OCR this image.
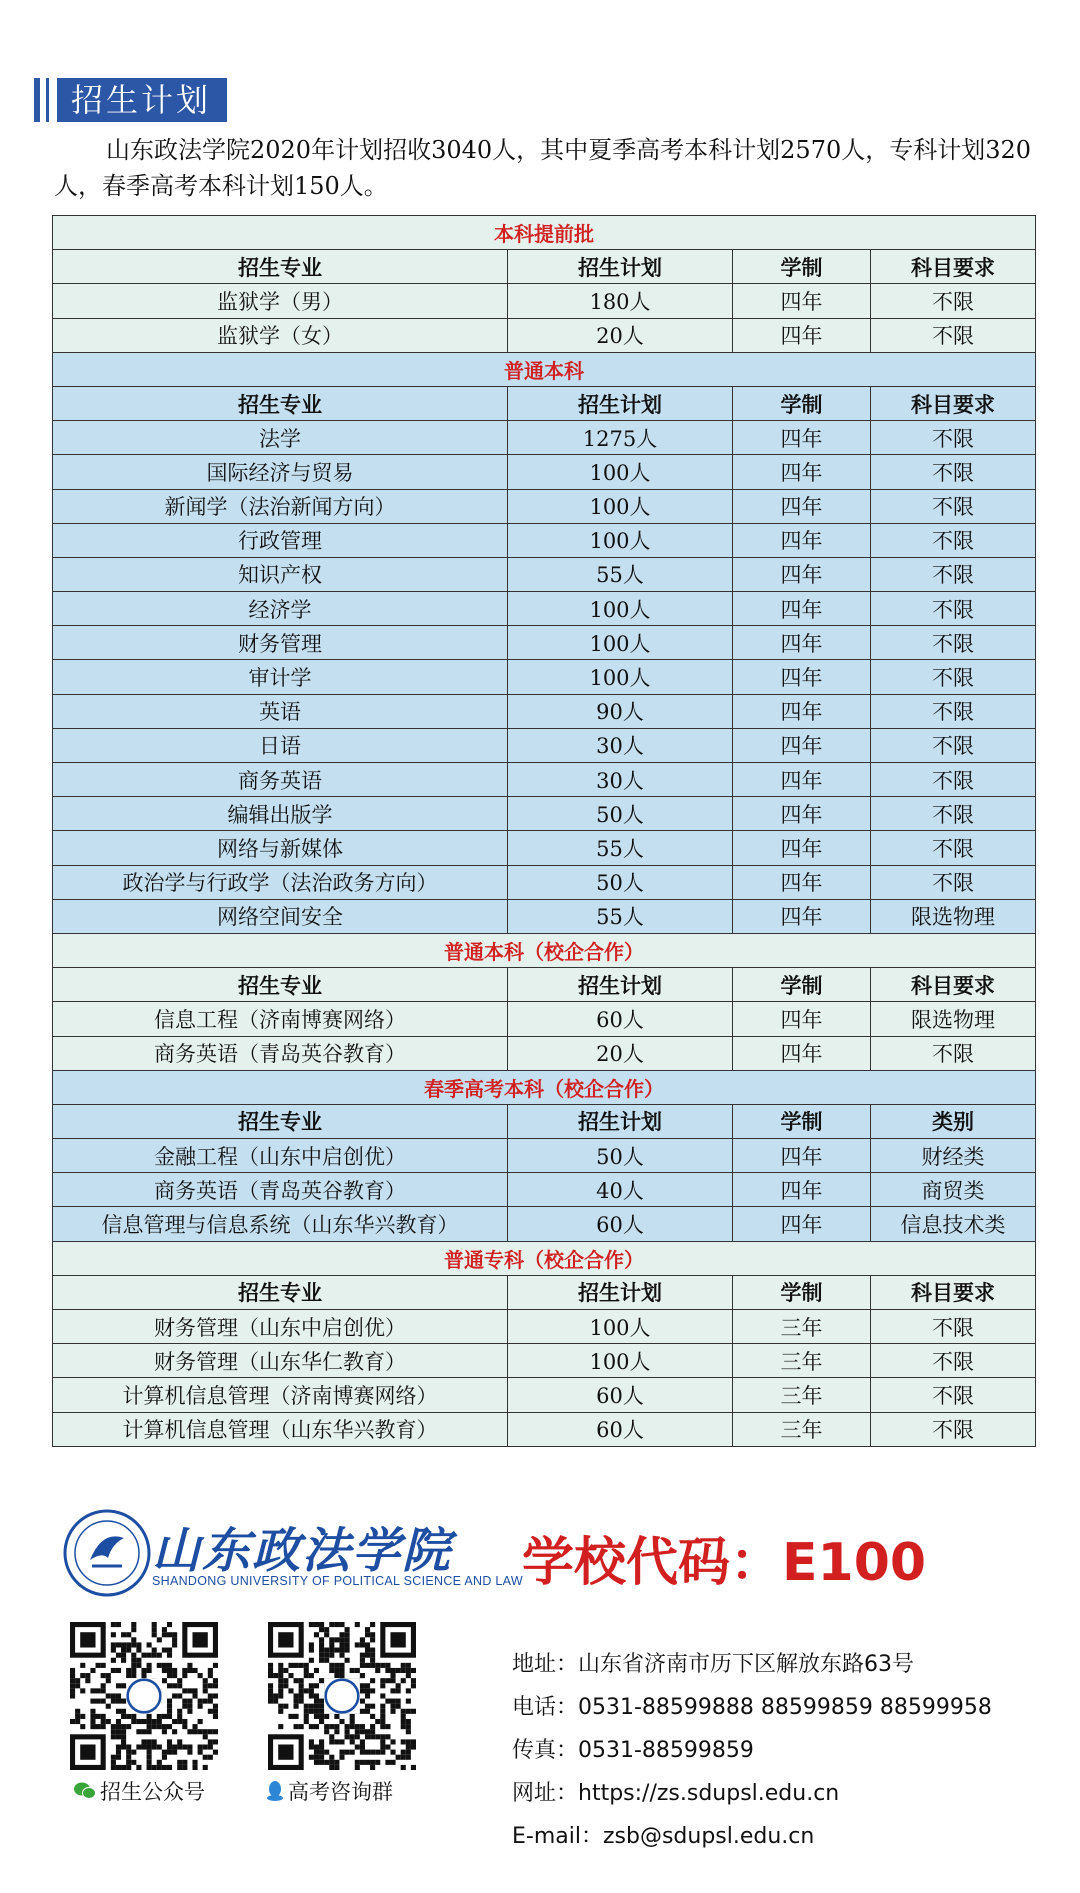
招生计划
山东政法学院2020年计划招收3040人，其中夏季高考本科计划2570人，专科计划320人，春季高考本科计划150人。
本科提前批			
招生专业	招生计划	学制	科目要求
监狱学（男）	180人	四年	不限
监狱学（女）	20人	四年	不限
普通本科			
招生专业	招生计划	学制	科目要求
法学	1275人	四年	不限
国际经济与贸易	100人	四年	不限
新闻学（法治新闻方向）	100人	四年	不限
行政管理	100人	四年	不限
知识产权	55人	四年	不限
经济学	100人	四年	不限
财务管理	100人	四年	不限
审计学	100人	四年	不限
英语	90人	四年	不限
日语	30人	四年	不限
商务英语	30人	四年	不限
编辑出版学	50人	四年	不限
网络与新媒体	55人	四年	不限
政治学与行政学（法治政务方向）	50人	四年	不限
网络空间安全	55人	四年	限选物理
普通本科（校企合作）			
招生专业	招生计划	学制	科目要求
信息工程（济南博赛网络）	60人	四年	限选物理
商务英语（青岛英谷教育）	20人	四年	不限
春季高考本科（校企合作）			
招生专业	招生计划	学制	类别
金融工程（山东中启创优）	50人	四年	财经类
商务英语（青岛英谷教育）	40人	四年	商贸类
信息管理与信息系统（山东华兴教育）	60人	四年	信息技术类
普通专科（校企合作）			
招生专业	招生计划	学制	科目要求
财务管理（山东中启创优）	100人	三年	不限
财务管理（山东华仁教育）	100人	三年	不限
计算机信息管理（济南博赛网络）	60人	三年	不限
计算机信息管理（山东华兴教育）	60人	三年	不限
山东政法学院
SHANDONG UNIVERSITY OF POLITICAL SCIENCE AND LAW 学校代码：E100
招生公众号	高考咨询群
地址：山东省济南市历下区解放东路63号
电话：0531-88599888 88599859 88599958
传真：0531-88599859
网址：https://zs.sdupsl.edu.cn
E-mail：zsb@sdupsl.edu.cn
